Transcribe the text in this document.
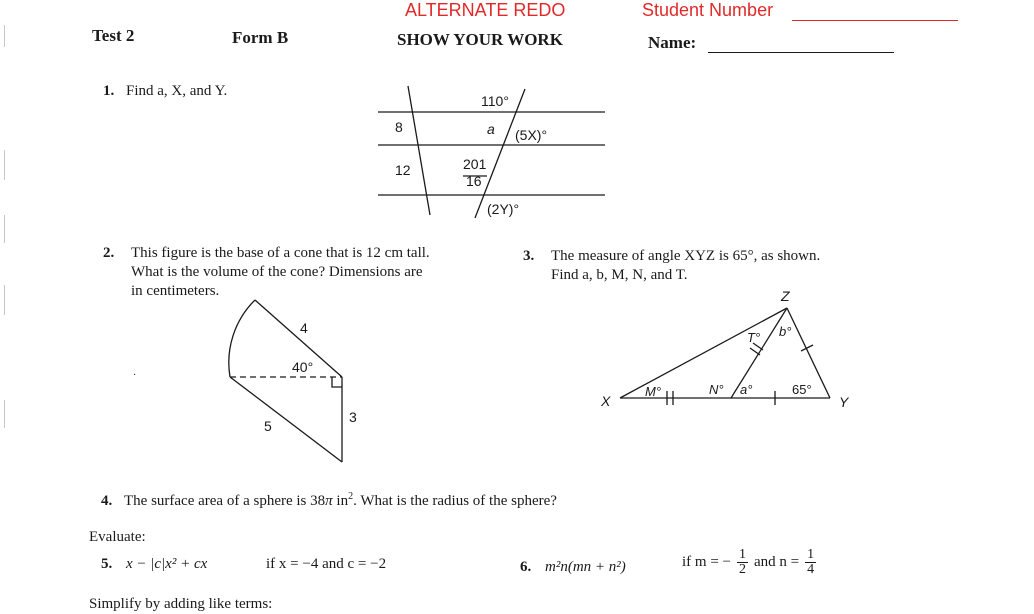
Test 2	Form B
ALTERNATE REDO
SHOW YOUR WORK
Student Number
Name:
1. Find a, X, and Y.
110°
8	a (5X)°
12	201
16
(2Y)°
2. This figure is the base of a cone that is 12 cm tall.
What is the volume of the cone? Dimensions are
in centimeters.
4
40°
5
3
·
3. The measure of angle XYZ is 65°, as shown.
Find a, b, M, N, and T.
Z
X	Y
T° b°
M°	N° a°	65°
4. The surface area of a sphere is 38π $in^2$. What is the radius of the sphere?
Evaluate:
5. x − |c|x² + cx	if x = −4 and c = −2	6. m²n(mn + n²)	if m = − $\frac{1}{2}$ and $n = \frac{1}{4}$
Simplify by adding like terms:
